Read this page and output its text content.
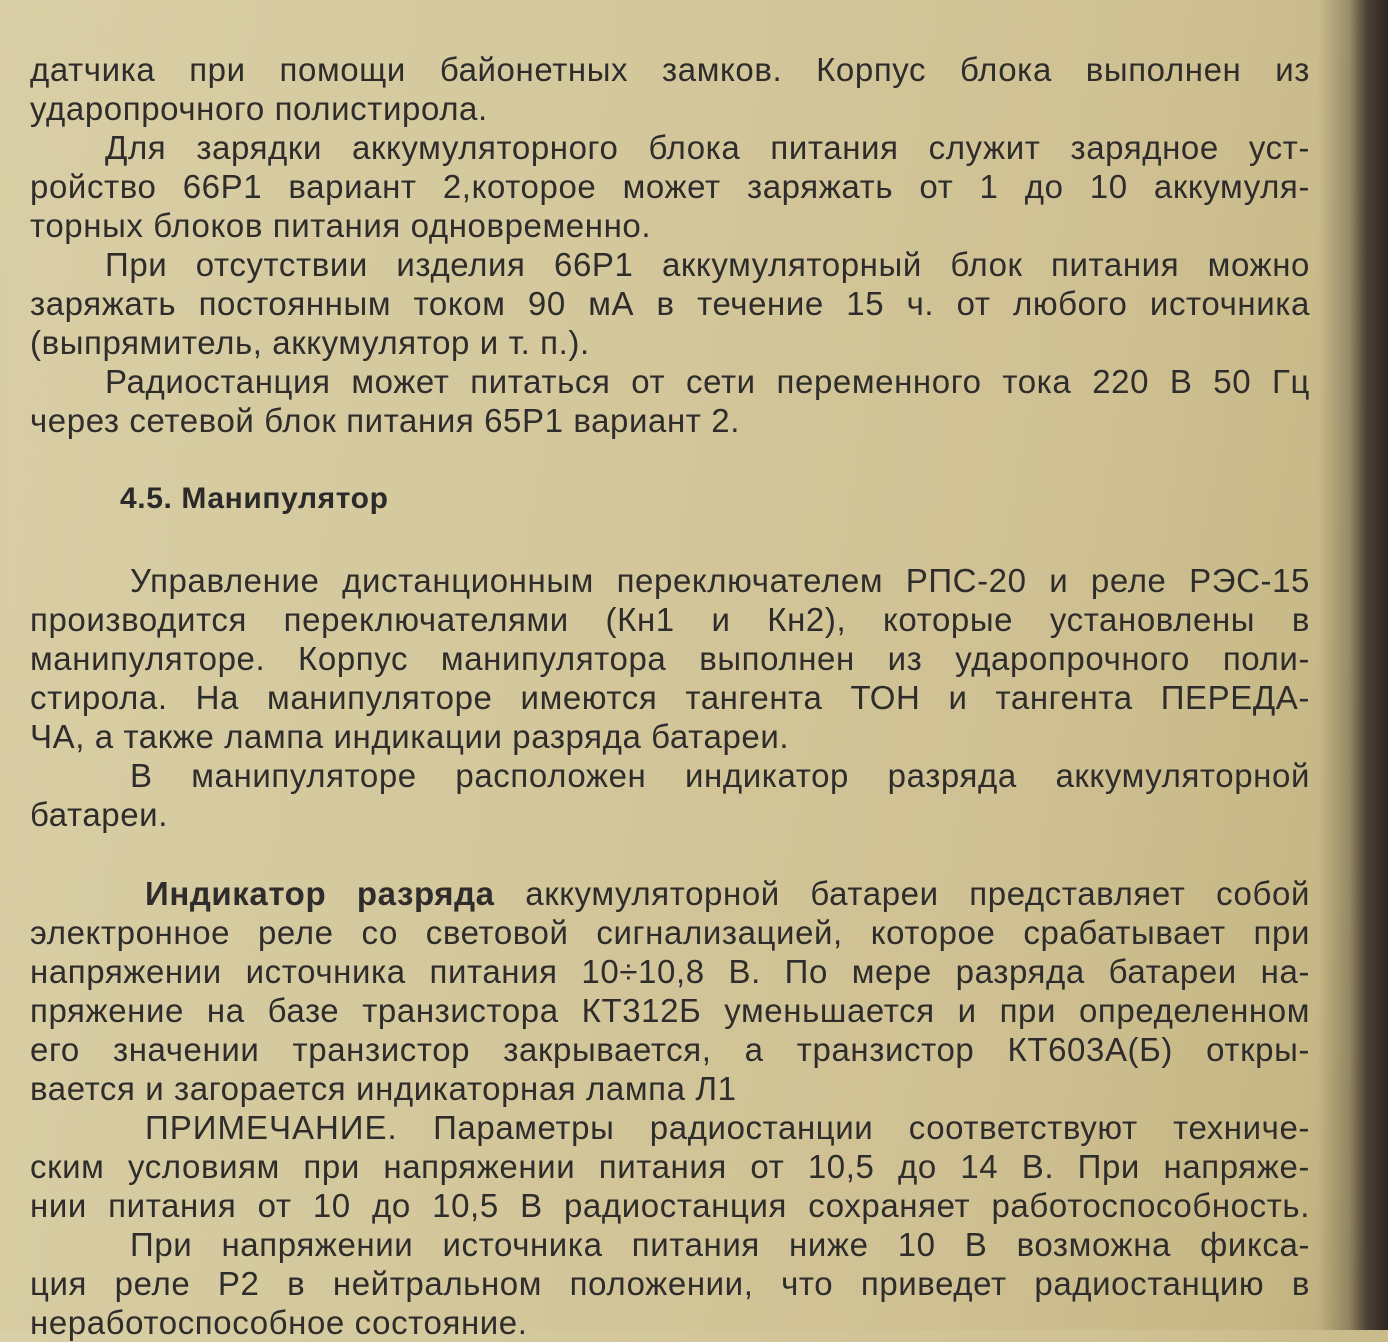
датчика при помощи байонетных замков. Корпус блока выполнен из
ударопрочного полистирола.

Для зарядки аккумуляторного блока питания служит зарядное уст-
ройство 66Р1 вариант 2,которое может заряжать от 1 до 10 аккумуля-
торных блоков питания одновременно.

При отсутствии изделия 66Р1 аккумуляторный блок питания можно
заряжать постоянным током 90 мА в течение 15 ч. от любого источника
(выпрямитель, аккумулятор и т. п.).

Радиостанция может питаться от сети переменного тока 220 В 50 Гц
через сетевой блок питания 65Р1 вариант 2.

4.5. Манипулятор

Управление дистанционным переключателем РПС-20 и реле РЭС-15
производится переключателями (Кн1 и Кн2), которые установлены в
манипуляторе. Корпус манипулятора выполнен из ударопрочного поли-
стирола. На манипуляторе имеются тангента ТОН и тангента ПЕРЕДА-
ЧА, а также лампа индикации разряда батареи.

В манипуляторе расположен индикатор разряда аккумуляторной
батареи.

Индикатор разряда аккумуляторной батареи представляет собой
электронное реле со световой сигнализацией, которое срабатывает при
напряжении источника питания 10÷10,8 В. По мере разряда батареи на-
пряжение на базе транзистора КТ312Б уменьшается и при определенном
его значении транзистор закрывается, а транзистор КТ603А(Б) откры-
вается и загорается индикаторная лампа Л1

ПРИМЕЧАНИЕ. Параметры радиостанции соответствуют техниче-
ским условиям при напряжении питания от 10,5 до 14 В. При напряже-
нии питания от 10 до 10,5 В радиостанция сохраняет работоспособность.

При напряжении источника питания ниже 10 В возможна фикса-
ция реле Р2 в нейтральном положении, что приведет радиостанцию в
неработоспособное состояние.
